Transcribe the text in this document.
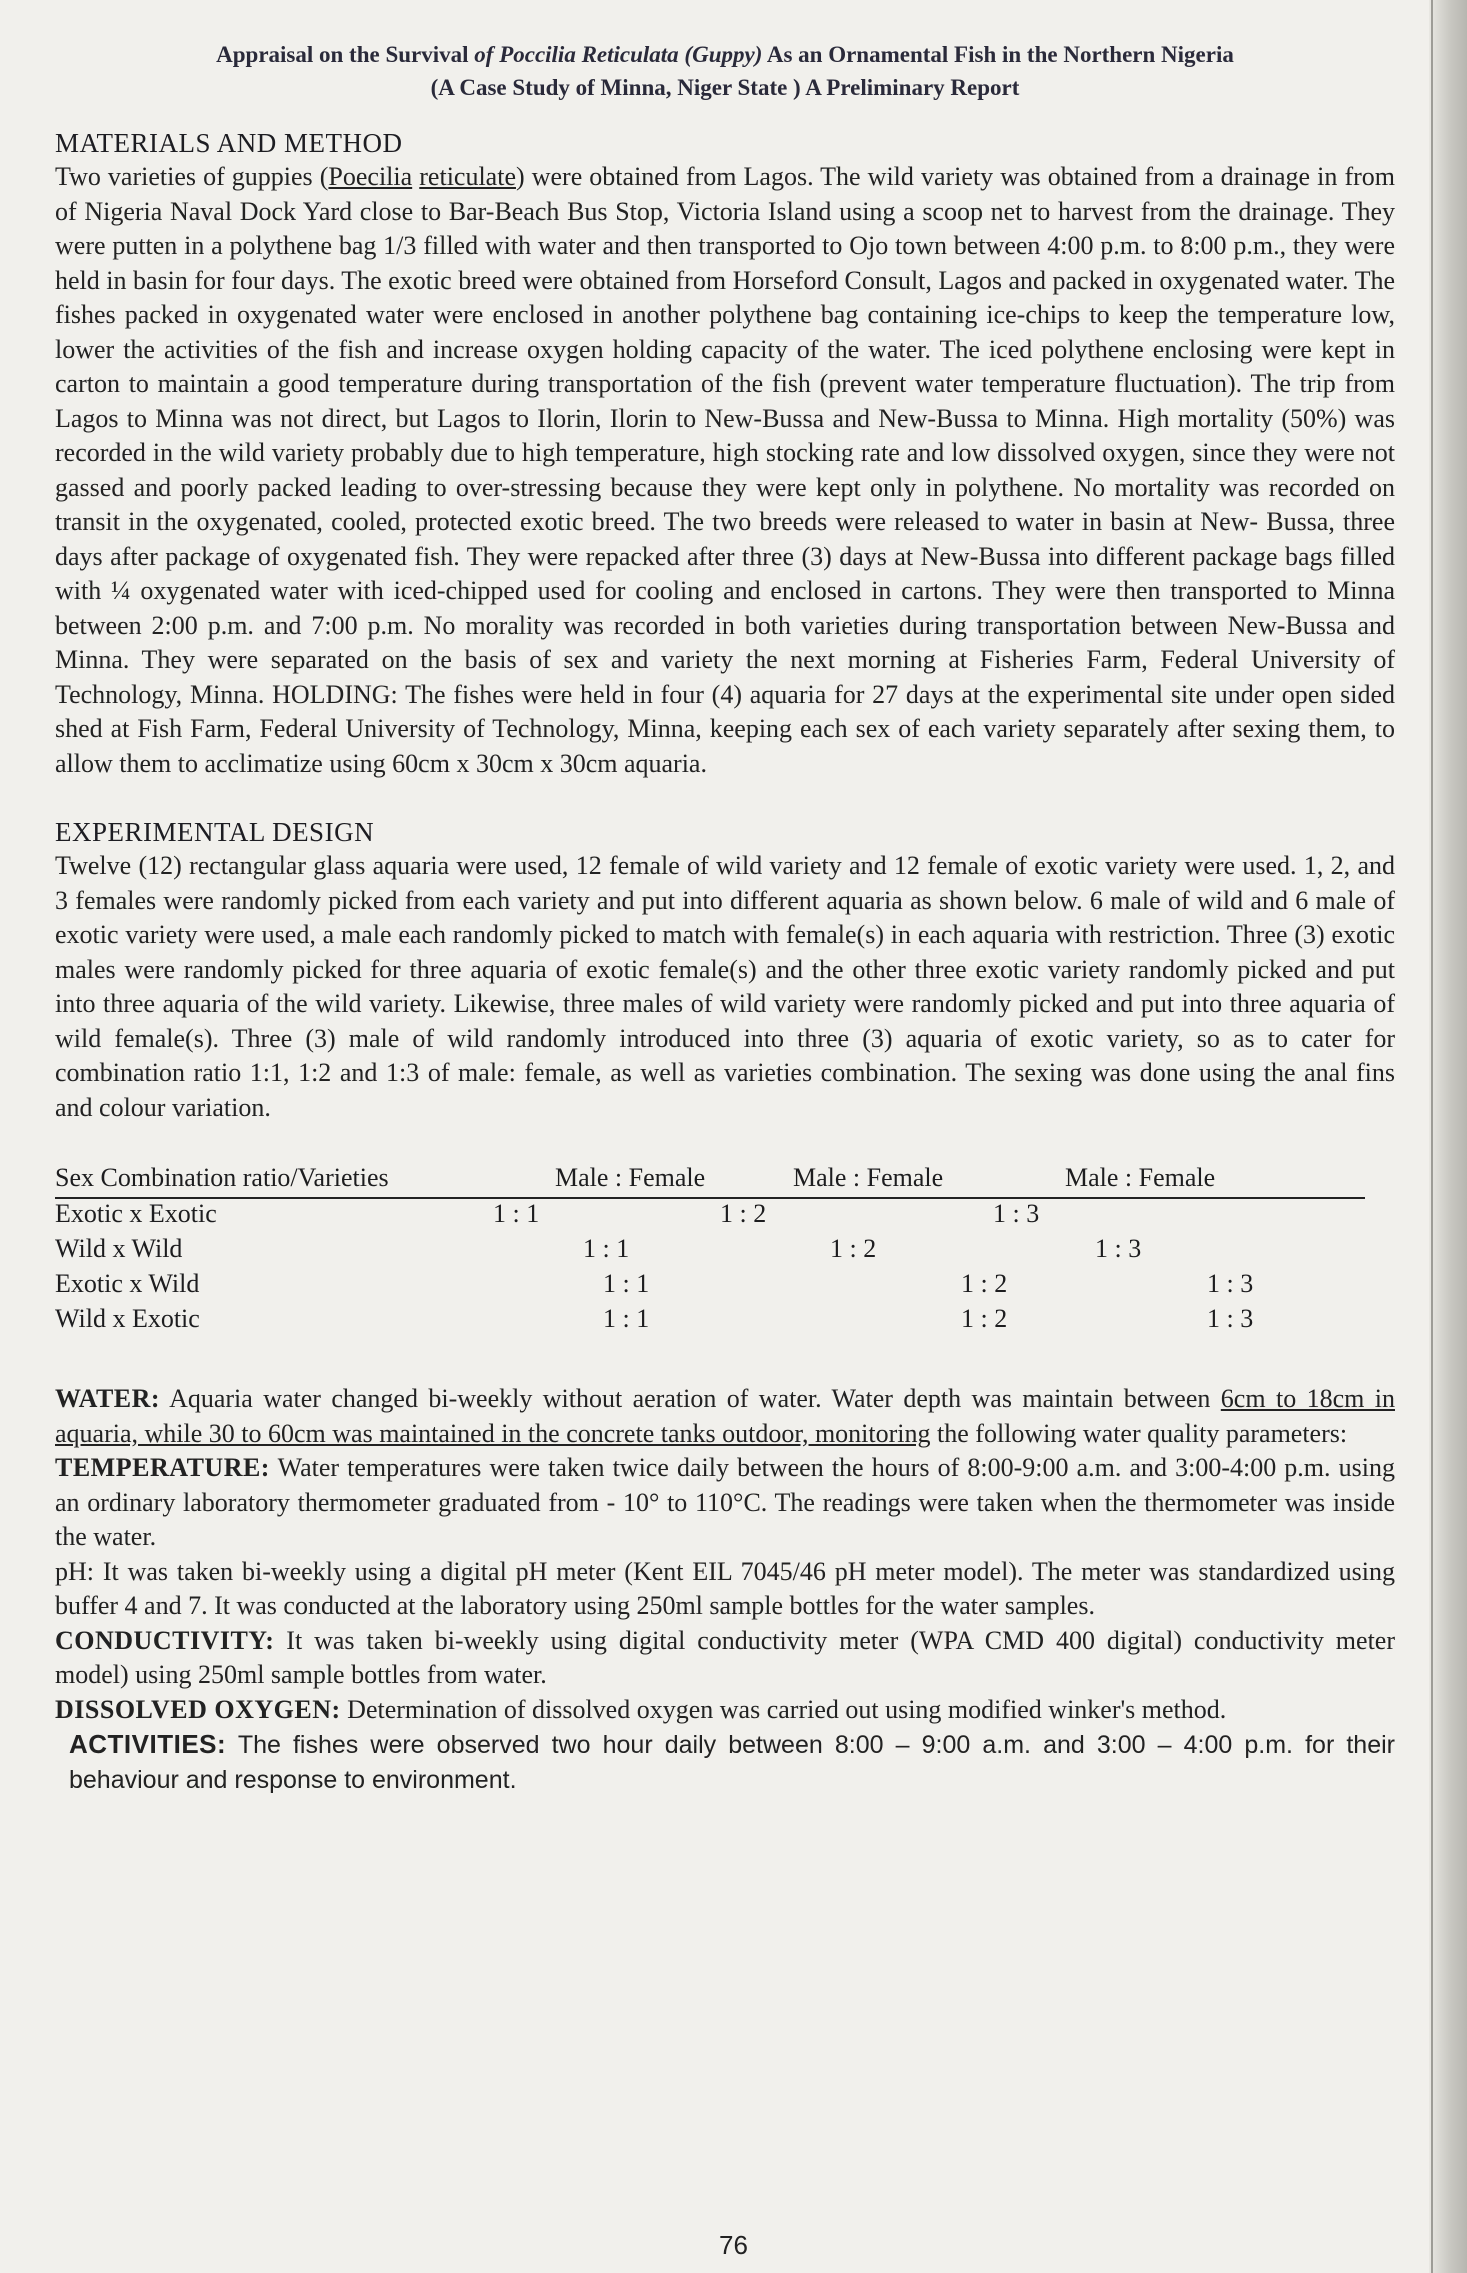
Appraisal on the Survival of Poccilia Reticulata (Guppy) As an Ornamental Fish in the Northern Nigeria
(A Case Study of Minna, Niger State ) A Preliminary Report
MATERIALS AND METHOD

Two varieties of guppies (Poecilia reticulate) were obtained from Lagos. The wild variety was obtained from a drainage in from of Nigeria Naval Dock Yard close to Bar-Beach Bus Stop, Victoria Island using a scoop net to harvest from the drainage. They were putten in a polythene bag 1/3 filled with water and then transported to Ojo town between 4:00 p.m. to 8:00 p.m., they were held in basin for four days. The exotic breed were obtained from Horseford Consult, Lagos and packed in oxygenated water. The fishes packed in oxygenated water were enclosed in another polythene bag containing ice-chips to keep the temperature low, lower the activities of the fish and increase oxygen holding capacity of the water. The iced polythene enclosing were kept in carton to maintain a good temperature during transportation of the fish (prevent water temperature fluctuation). The trip from Lagos to Minna was not direct, but Lagos to Ilorin, Ilorin to New-Bussa and New-Bussa to Minna. High mortality (50%) was recorded in the wild variety probably due to high temperature, high stocking rate and low dissolved oxygen, since they were not gassed and poorly packed leading to over-stressing because they were kept only in polythene. No mortality was recorded on transit in the oxygenated, cooled, protected exotic breed. The two breeds were released to water in basin at New- Bussa, three days after package of oxygenated fish. They were repacked after three (3) days at New-Bussa into different package bags filled with ¼ oxygenated water with iced-chipped used for cooling and enclosed in cartons. They were then transported to Minna between 2:00 p.m. and 7:00 p.m. No morality was recorded in both varieties during transportation between New-Bussa and Minna. They were separated on the basis of sex and variety the next morning at Fisheries Farm, Federal University of Technology, Minna. HOLDING: The fishes were held in four (4) aquaria for 27 days at the experimental site under open sided shed at Fish Farm, Federal University of Technology, Minna, keeping each sex of each variety separately after sexing them, to allow them to acclimatize using 60cm x 30cm x 30cm aquaria.

EXPERIMENTAL DESIGN

Twelve (12) rectangular glass aquaria were used, 12 female of wild variety and 12 female of exotic variety were used. 1, 2, and 3 females were randomly picked from each variety and put into different aquaria as shown below. 6 male of wild and 6 male of exotic variety were used, a male each randomly picked to match with female(s) in each aquaria with restriction. Three (3) exotic males were randomly picked for three aquaria of exotic female(s) and the other three exotic variety randomly picked and put into three aquaria of the wild variety. Likewise, three males of wild variety were randomly picked and put into three aquaria of wild female(s). Three (3) male of wild randomly introduced into three (3) aquaria of exotic variety, so as to cater for combination ratio 1:1, 1:2 and 1:3 of male: female, as well as varieties combination. The sexing was done using the anal fins and colour variation.

Sex Combination ratio/Varieties	Male : Female	Male : Female	Male : Female
Exotic x Exotic	1 : 1	1 : 2	1 : 3
Wild x Wild	1 : 1	1 : 2	1 : 3
Exotic x Wild	1 : 1	1 : 2	1 : 3
Wild x Exotic	1 : 1	1 : 2	1 : 3

WATER: Aquaria water changed bi-weekly without aeration of water. Water depth was maintain between 6cm to 18cm in aquaria, while 30 to 60cm was maintained in the concrete tanks outdoor, monitoring the following water quality parameters:

TEMPERATURE: Water temperatures were taken twice daily between the hours of 8:00-9:00 a.m. and 3:00-4:00 p.m. using an ordinary laboratory thermometer graduated from - 10° to 110°C. The readings were taken when the thermometer was inside the water.

pH: It was taken bi-weekly using a digital pH meter (Kent EIL 7045/46 pH meter model). The meter was standardized using buffer 4 and 7. It was conducted at the laboratory using 250ml sample bottles for the water samples.

CONDUCTIVITY: It was taken bi-weekly using digital conductivity meter (WPA CMD 400 digital) conductivity meter model) using 250ml sample bottles from water.

DISSOLVED OXYGEN: Determination of dissolved oxygen was carried out using modified winker's method.

ACTIVITIES: The fishes were observed two hour daily between 8:00 – 9:00 a.m. and 3:00 – 4:00 p.m. for their behaviour and response to environment.

76
